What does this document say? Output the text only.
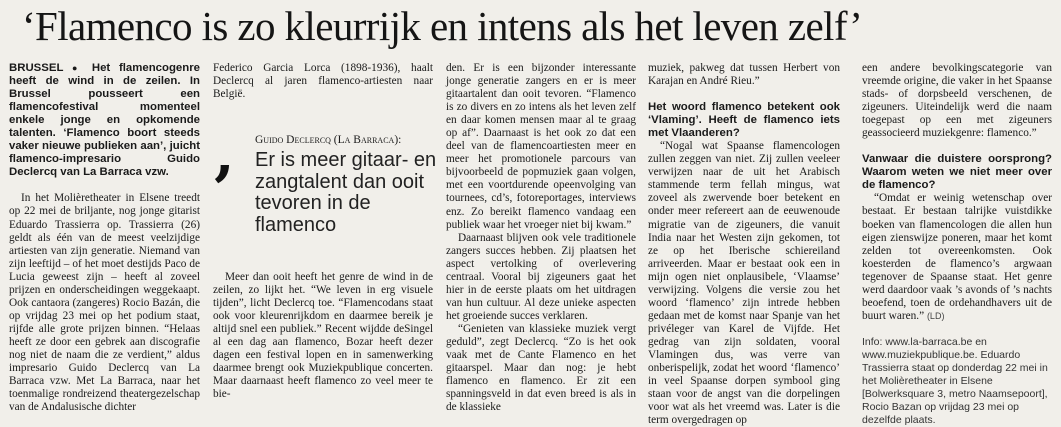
‘Flamenco is zo kleurrijk en intens als het leven zelf’

BRUSSEL ● Het flamencogenre heeft de wind in de zeilen. In Brussel pousseert een flamencofestival momenteel enkele jonge en opkomende talenten. ‘Flamenco boort steeds vaker nieuwe publieken aan’, juicht flamenco-impresario Guido Declercq van La Barraca vzw.

In het Molièretheater in Elsene treedt op 22 mei de briljante, nog jonge gitarist Eduardo Trassierra op. Trassierra (26) geldt als één van de meest veelzijdige artiesten van zijn generatie. Niemand van zijn leeftijd – of het moet destijds Paco de Lucia geweest zijn – heeft al zoveel prijzen en onderscheidingen weggekaapt. Ook cantaora (zangeres) Rocio Bazán, die op vrijdag 23 mei op het podium staat, rijfde alle grote prijzen binnen. “Helaas heeft ze door een gebrek aan discografie nog niet de naam die ze verdient,” aldus impresario Guido Declercq van La Barraca vzw. Met La Barraca, naar het toenmalige rondreizend theatergezelschap van de Andalusische dichter

Federico Garcia Lorca (1898-1936), haalt Declercq al jaren flamenco-artiesten naar België.

Meer dan ooit heeft het genre de wind in de zeilen, zo lijkt het. “We leven in erg visuele tijden”, licht Declercq toe. “Flamencodans staat ook voor kleurenrijkdom en daarmee bereik je altijd snel een publiek.” Recent wijdde deSingel al een dag aan flamenco, Bozar heeft dezer dagen een festival lopen en in samenwerking daarmee brengt ook Muziekpublique concerten. Maar daarnaast heeft flamenco zo veel meer te bie-

‚ Guido Declercq (La Barraca):
Er is meer gitaar- en zangtalent dan ooit tevoren in de flamenco

den. Er is een bijzonder interessante jonge generatie zangers en er is meer gitaartalent dan ooit tevoren. “Flamenco is zo divers en zo intens als het leven zelf en daar komen mensen maar al te graag op af”. Daarnaast is het ook zo dat een deel van de flamencoartiesten meer en meer het promotionele parcours van bijvoorbeeld de popmuziek gaan volgen, met een voortdurende opeenvolging van tournees, cd’s, fotoreportages, interviews enz. Zo bereikt flamenco vandaag een publiek waar het vroeger niet bij kwam.”

Daarnaast blijven ook vele traditionele zangers succes hebben. Zij plaatsen het aspect vertolking of overlevering centraal. Vooral bij zigeuners gaat het hier in de eerste plaats om het uitdragen van hun cultuur. Al deze unieke aspecten het groeiende succes verklaren.

“Genieten van klassieke muziek vergt geduld”, zegt Declercq. “Zo is het ook vaak met de Cante Flamenco en het gitaarspel. Maar dan nog: je hebt flamenco en flamenco. Er zit een spanningsveld in dat even breed is als in de klassieke

muziek, pakweg dat tussen Herbert von Karajan en André Rieu.”

Het woord flamenco betekent ook ‘Vlaming’. Heeft de flamenco iets met Vlaanderen?

“Nogal wat Spaanse flamencologen zullen zeggen van niet. Zij zullen veeleer verwijzen naar de uit het Arabisch stammende term fellah mingus, wat zoveel als zwervende boer betekent en onder meer refereert aan de eeuwenoude migratie van de zigeuners, die vanuit India naar het Westen zijn gekomen, tot ze op het Iberische schiereiland arriveerden. Maar er bestaat ook een in mijn ogen niet onplausibele, ‘Vlaamse’ verwijzing. Volgens die versie zou het woord ‘flamenco’ zijn intrede hebben gedaan met de komst naar Spanje van het privéleger van Karel de Vijfde. Het gedrag van zijn soldaten, vooral Vlamingen dus, was verre van onberispelijk, zodat het woord ‘flamenco’ in veel Spaanse dorpen symbool ging staan voor de angst van die dorpelingen voor wat als het vreemd was. Later is die term overgedragen op

een andere bevolkingscategorie van vreemde origine, die vaker in het Spaanse stads- of dorpsbeeld verschenen, de zigeuners. Uiteindelijk werd die naam toegepast op een met zigeuners geassocieerd muziekgenre: flamenco.”

Vanwaar die duistere oorsprong? Waarom weten we niet meer over de flamenco?

“Omdat er weinig wetenschap over bestaat. Er bestaan talrijke vuistdikke boeken van flamencologen die allen hun eigen zienswijze poneren, maar het komt zelden tot overeenkomsten. Ook koesterden de flamenco’s argwaan tegenover de Spaanse staat. Het genre werd daardoor vaak ’s avonds of ’s nachts beoefend, toen de ordehandhavers uit de buurt waren.” (LD)

Info: www.la-barraca.be en www.muziekpublique.be. Eduardo Trassierra staat op donderdag 22 mei in het Molièretheater in Elsene [Bolwerksquare 3, metro Naamsepoort], Rocio Bazan op vrijdag 23 mei op dezelfde plaats.
